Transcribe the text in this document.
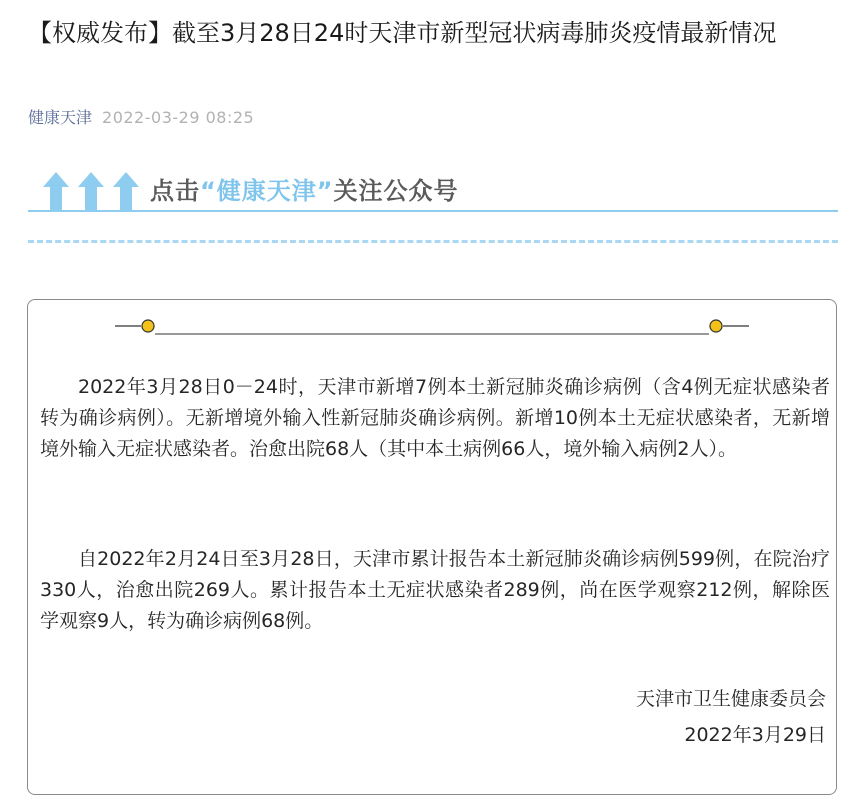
【权威发布】截至3月28日24时天津市新型冠状病毒肺炎疫情最新情况
健康天津 2022-03-29 08:25
点击“健康天津”关注公众号

2022年3月28日0－24时，天津市新增7例本土新冠肺炎确诊病例（含4例无症状感染者转为确诊病例）。无新增境外输入性新冠肺炎确诊病例。新增10例本土无症状感染者，无新增境外输入无症状感染者。治愈出院68人（其中本土病例66人，境外输入病例2人）。

自2022年2月24日至3月28日，天津市累计报告本土新冠肺炎确诊病例599例，在院治疗330人，治愈出院269人。累计报告本土无症状感染者289例，尚在医学观察212例，解除医学观察9人，转为确诊病例68例。

天津市卫生健康委员会
2022年3月29日
